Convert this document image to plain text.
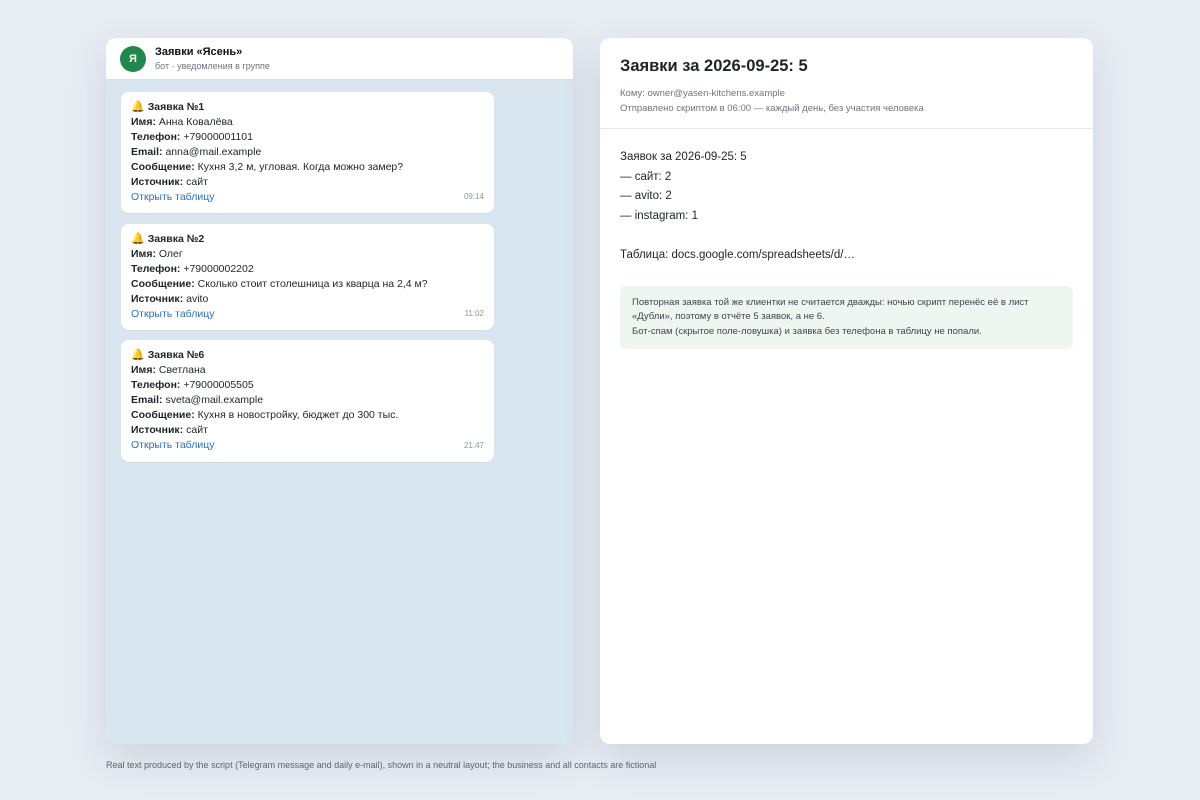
Я
Заявки «Ясень»
бот · уведомления в группе
🔔 Заявка №1
Имя: Анна Ковалёва
Телефон: +79000001101
Email: anna@mail.example
Сообщение: Кухня 3,2 м, угловая. Когда можно замер?
Источник: сайт
Открыть таблицу	09:14
🔔 Заявка №2
Имя: Олег
Телефон: +79000002202
Сообщение: Сколько стоит столешница из кварца на 2,4 м?
Источник: avito
Открыть таблицу	11:02
🔔 Заявка №6
Имя: Светлана
Телефон: +79000005505
Email: sveta@mail.example
Сообщение: Кухня в новостройку, бюджет до 300 тыс.
Источник: сайт
Открыть таблицу	21:47
Заявки за 2026-09-25: 5
Кому: owner@yasen-kitchens.example
Отправлено скриптом в 06:00 — каждый день, без участия человека
Заявок за 2026-09-25: 5
— сайт: 2
— avito: 2
— instagram: 1
Таблица: docs.google.com/spreadsheets/d/…
Повторная заявка той же клиентки не считается дважды: ночью скрипт перенёс её в лист «Дубли», поэтому в отчёте 5 заявок, а не 6.
Бот-спам (скрытое поле-ловушка) и заявка без телефона в таблицу не попали.
Real text produced by the script (Telegram message and daily e-mail), shown in a neutral layout; the business and all contacts are fictional
